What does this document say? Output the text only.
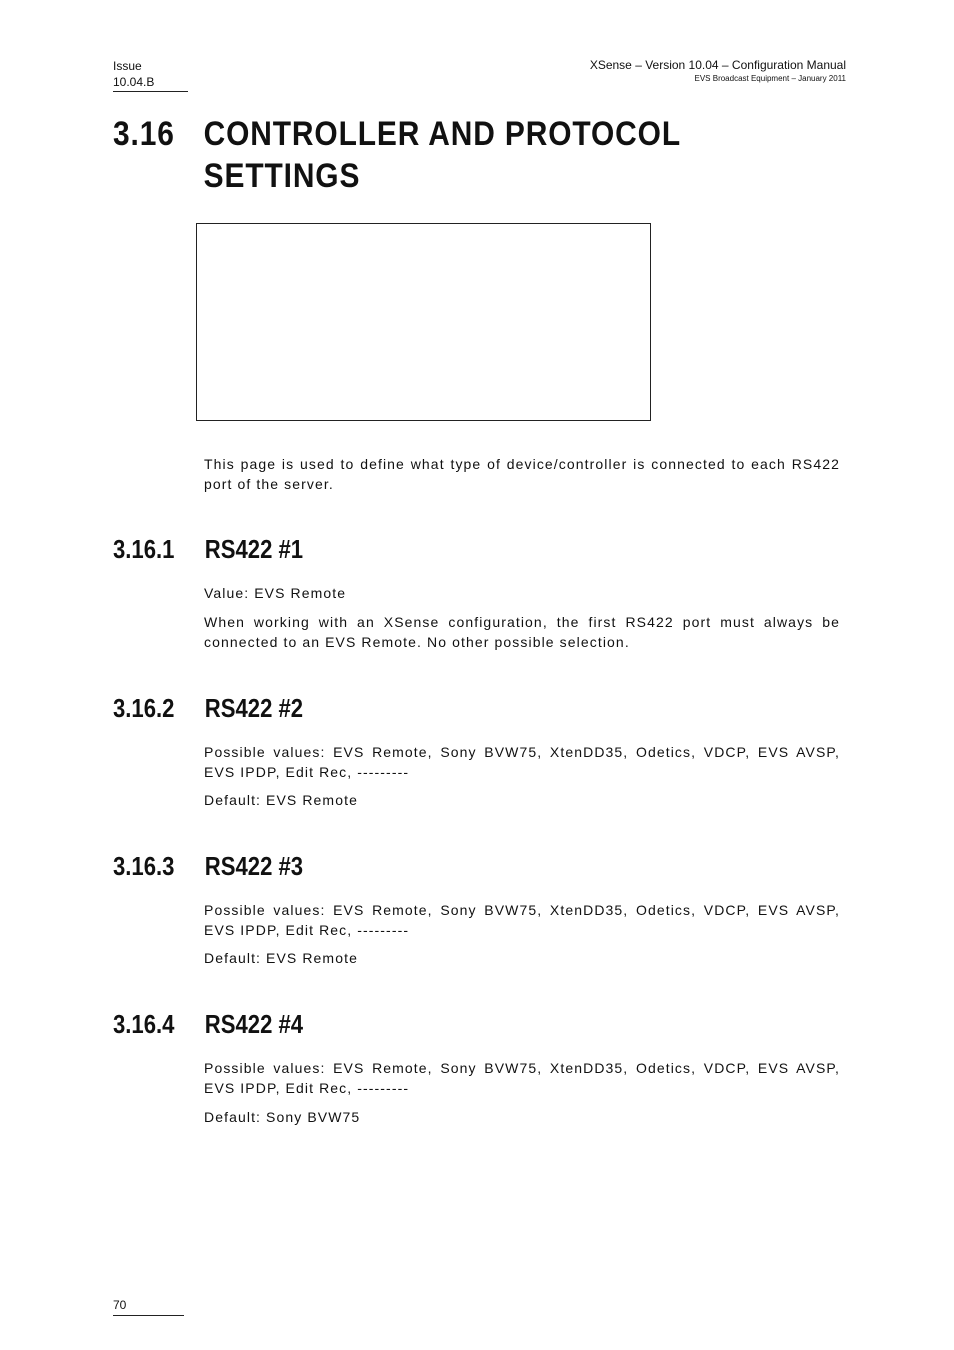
Issue
10.04.B
XSense – Version 10.04 – Configuration Manual
EVS Broadcast Equipment – January 2011
3.16 CONTROLLER AND PROTOCOL
SETTINGS
This page is used to define what type of device/controller is connected to each RS422 port of the server.
3.16.1 RS422 #1
Value: EVS Remote
When working with an XSense configuration, the first RS422 port must always be connected to an EVS Remote. No other possible selection.
3.16.2 RS422 #2
Possible values: EVS Remote, Sony BVW75, XtenDD35, Odetics, VDCP, EVS AVSP, EVS IPDP, Edit Rec, ---------
Default: EVS Remote
3.16.3 RS422 #3
Possible values: EVS Remote, Sony BVW75, XtenDD35, Odetics, VDCP, EVS AVSP, EVS IPDP, Edit Rec, ---------
Default: EVS Remote
3.16.4 RS422 #4
Possible values: EVS Remote, Sony BVW75, XtenDD35, Odetics, VDCP, EVS AVSP, EVS IPDP, Edit Rec, ---------
Default: Sony BVW75
70
